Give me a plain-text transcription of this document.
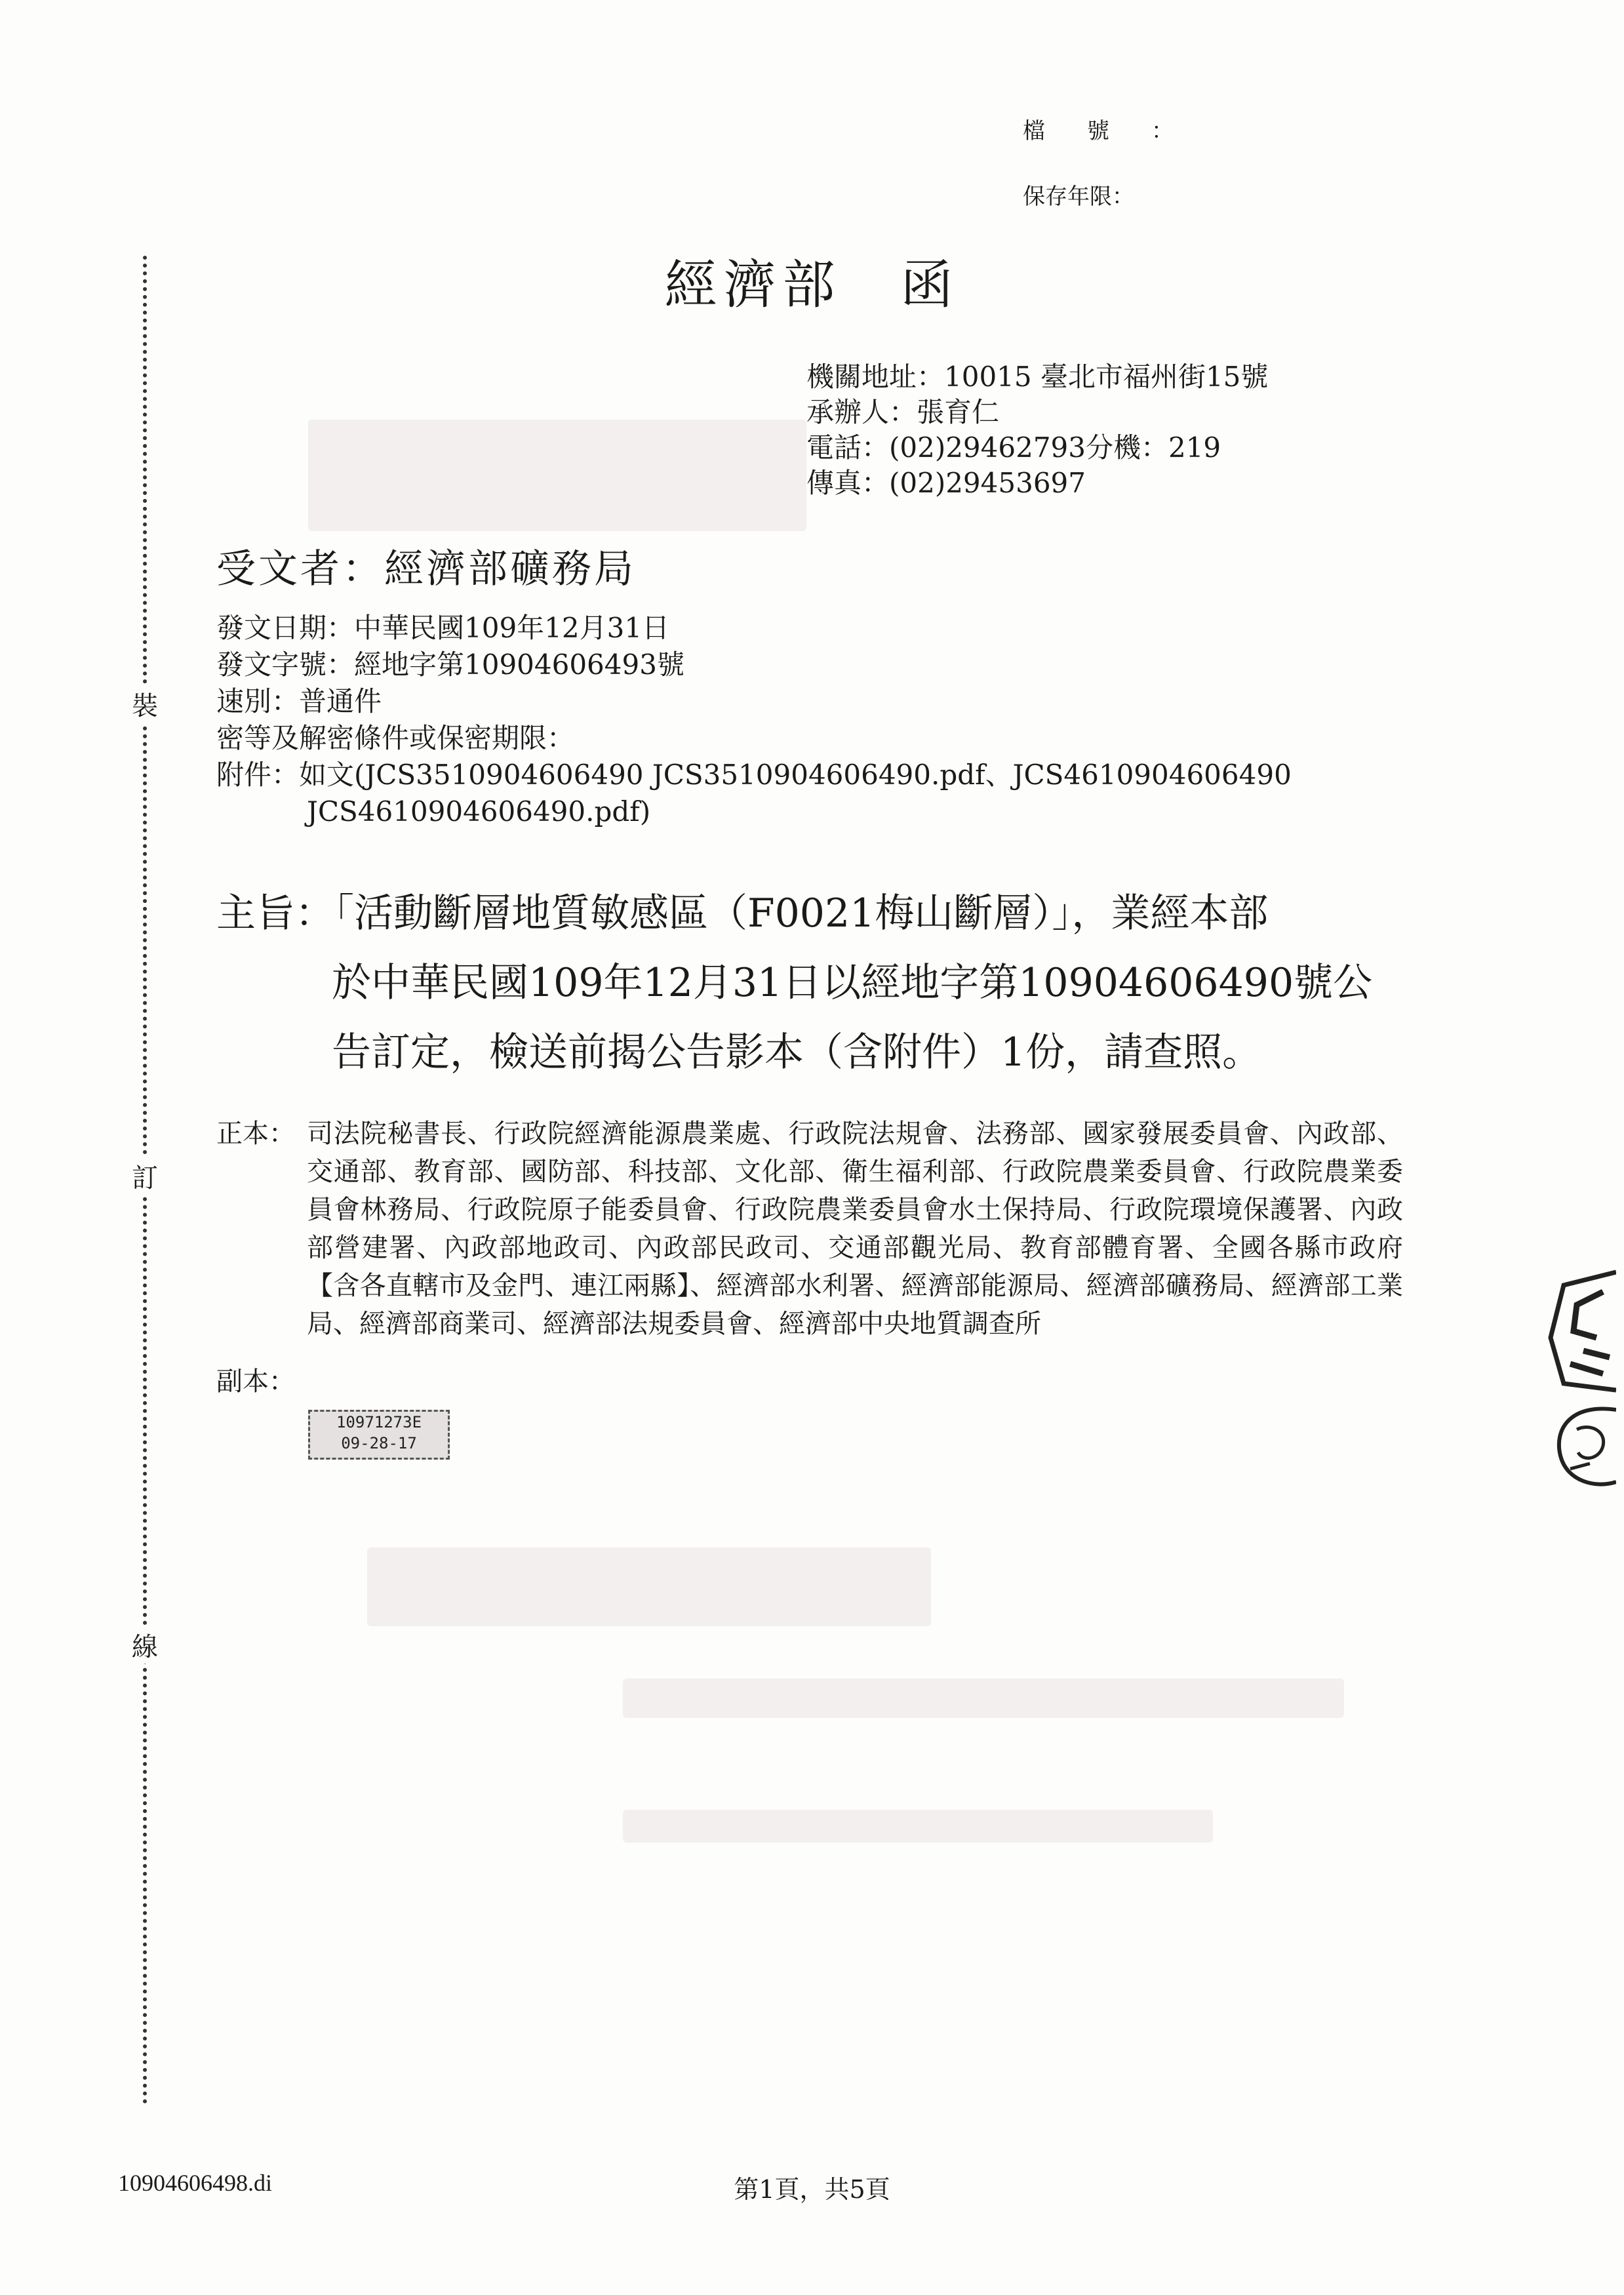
檔號：
保存年限：
經濟部 函
機關地址：10015 臺北市福州街15號
承辦人：張育仁
電話：(02)29462793分機：219
傳真：(02)29453697
受文者：經濟部礦務局
發文日期：中華民國109年12月31日
發文字號：經地字第10904606493號
速別：普通件
密等及解密條件或保密期限：
附件：如文(JCS3510904606490 JCS3510904606490.pdf、JCS4610904606490
JCS4610904606490.pdf)
主旨：「活動斷層地質敏感區（F0021梅山斷層）」，業經本部
於中華民國109年12月31日以經地字第10904606490號公
告訂定，檢送前揭公告影本（含附件）1份，請查照。
正本： 司法院秘書長、行政院經濟能源農業處、行政院法規會、法務部、國家發展委員會、內政部、交通部、教育部、國防部、科技部、文化部、衛生福利部、行政院農業委員會、行政院農業委員會林務局、行政院原子能委員會、行政院農業委員會水土保持局、行政院環境保護署、內政部營建署、內政部地政司、內政部民政司、交通部觀光局、教育部體育署、全國各縣市政府【含各直轄市及金門、連江兩縣】、經濟部水利署、經濟部能源局、經濟部礦務局、經濟部工業局、經濟部商業司、經濟部法規委員會、經濟部中央地質調查所
副本：
10971273E
09-28-17
裝
訂
線
10904606498.di	第1頁，共5頁
